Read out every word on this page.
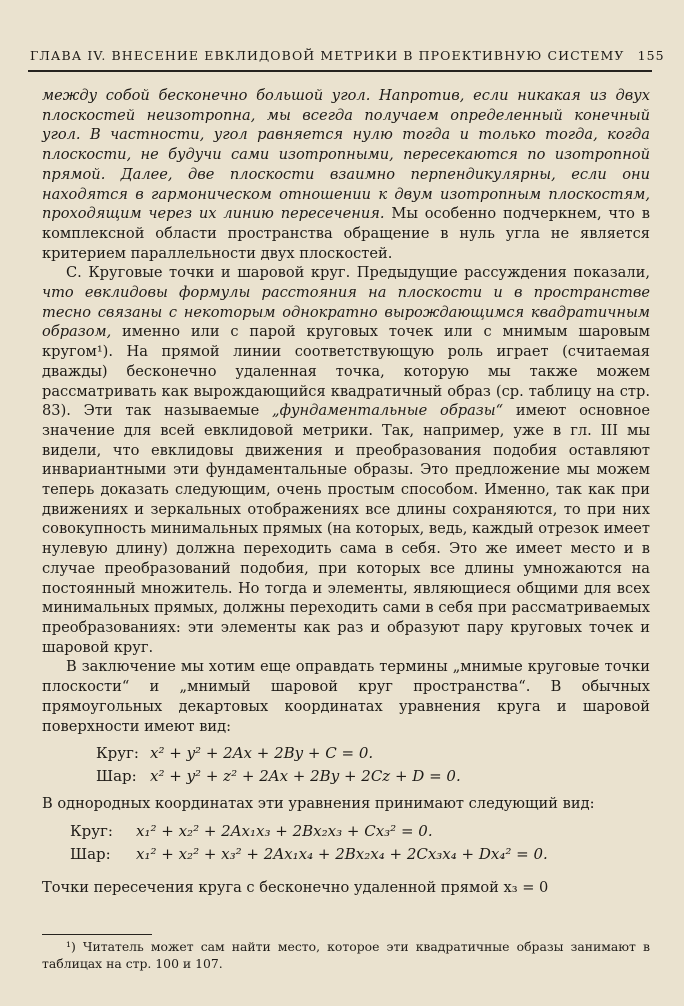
ГЛАВА IV. ВНЕСЕНИЕ ЕВКЛИДОВОЙ МЕТРИКИ В ПРОЕКТИВНУЮ СИСТЕМУ 155

между собой бесконечно большой угол. Напротив, если никакая из двух плоскостей неизотропна, мы всегда получаем определенный конечный угол. В частности, угол равняется нулю тогда и только тогда, когда плоскости, не будучи сами изотропными, пересекаются по изотропной прямой. Далее, две плоскости взаимно перпендикулярны, если они находятся в гармоническом отношении к двум изотропным плоскостям, проходящим через их линию пересечения. Мы особенно подчеркнем, что в комплексной области пространства обращение в нуль угла не является критерием параллельности двух плоскостей.

С. Круговые точки и шаровой круг. Предыдущие рассуждения показали, что евклидовы формулы расстояния на плоскости и в пространстве тесно связаны с некоторым однократно вырождающимся квадратичным образом, именно или с парой круговых точек или с мнимым шаровым кругом¹). На прямой линии соответствующую роль играет (считаемая дважды) бесконечно удаленная точка, которую мы также можем рассматривать как вырождающийся квадратичный образ (ср. таблицу на стр. 83). Эти так называемые „фундаментальные образы“ имеют основное значение для всей евклидовой метрики. Так, например, уже в гл. III мы видели, что евклидовы движения и преобразования подобия оставляют инвариантными эти фундаментальные образы. Это предложение мы можем теперь доказать следующим, очень простым способом. Именно, так как при движениях и зеркальных отображениях все длины сохраняются, то при них совокупность минимальных прямых (на которых, ведь, каждый отрезок имеет нулевую длину) должна переходить сама в себя. Это же имеет место и в случае преобразований подобия, при которых все длины умножаются на постоянный множитель. Но тогда и элементы, являющиеся общими для всех минимальных прямых, должны переходить сами в себя при рассматриваемых преобразованиях: эти элементы как раз и образуют пару круговых точек и шаровой круг.

В заключение мы хотим еще оправдать термины „мнимые круговые точки плоскости“ и „мнимый шаровой круг пространства“. В обычных прямоугольных декартовых координатах уравнения круга и шаровой поверхности имеют вид:

Круг: x² + y² + 2Ax + 2By + C = 0.
Шар: x² + y² + z² + 2Ax + 2By + 2Cz + D = 0.

В однородных координатах эти уравнения принимают следующий вид:

Круг: x₁² + x₂² + 2Ax₁x₃ + 2Bx₂x₃ + Cx₃² = 0.
Шар: x₁² + x₂² + x₃² + 2Ax₁x₄ + 2Bx₂x₄ + 2Cx₃x₄ + Dx₄² = 0.

Точки пересечения круга с бесконечно удаленной прямой x₃ = 0

¹) Читатель может сам найти место, которое эти квадратичные образы занимают в таблицах на стр. 100 и 107.
